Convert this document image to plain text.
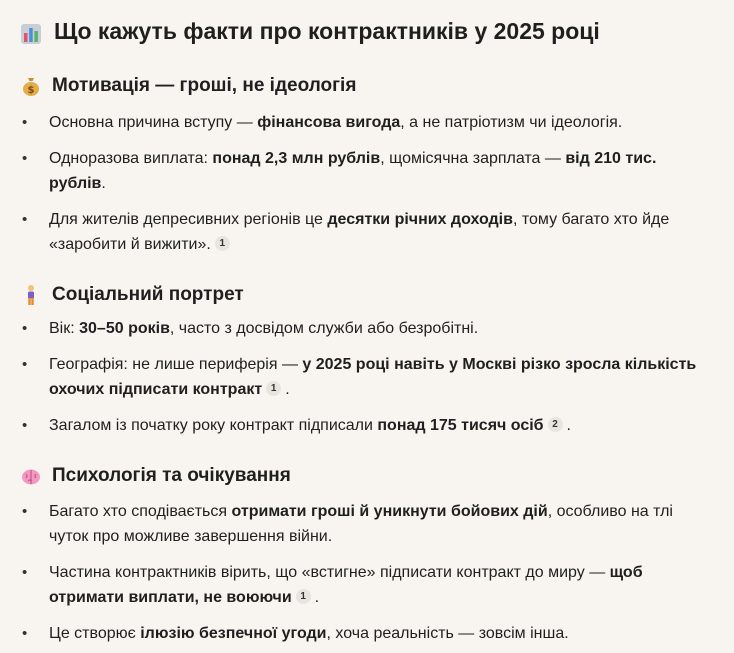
Що кажуть факти про контрактників у 2025 році
$ Мотивація — гроші, не ідеологія
• Основна причина вступу — фінансова вигода, а не патріотизм чи ідеологія.
• Одноразова виплата: понад 2,3 млн рублів, щомісячна зарплата — від 210 тис. рублів.
• Для жителів депресивних регіонів це десятки річних доходів, тому багато хто йде «заробити й вижити». 1
Соціальний портрет
• Вік: 30–50 років, часто з досвідом служби або безробітні.
• Географія: не лише периферія — у 2025 році навіть у Москві різко зросла кількість охочих підписати контракт 1 .
• Загалом із початку року контракт підписали понад 175 тисяч осіб 2 .
Психологія та очікування
• Багато хто сподівається отримати гроші й уникнути бойових дій, особливо на тлі чуток про можливе завершення війни.
• Частина контрактників вірить, що «встигне» підписати контракт до миру — щоб отримати виплати, не воюючи 1 .
• Це створює ілюзію безпечної угоди, хоча реальність — зовсім інша.
